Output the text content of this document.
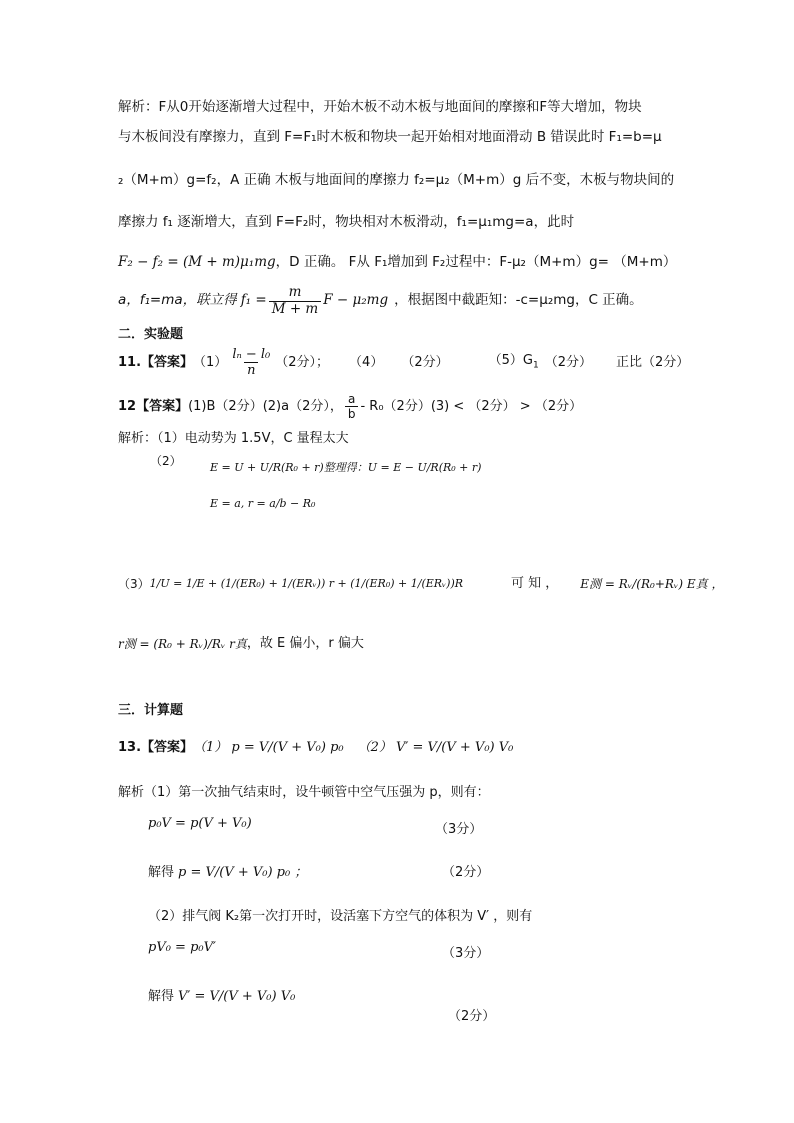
解析：F从0开始逐渐增大过程中，开始木板不动木板与地面间的摩擦和F等大增加，物块
与木板间没有摩擦力，直到 F=F₁时木板和物块一起开始相对地面滑动 B 错误此时 F₁=b=μ
₂（M+m）g=f₂，A 正确 木板与地面间的摩擦力 f₂=μ₂（M+m）g 后不变，木板与物块间的
摩擦力 f₁ 逐渐增大，直到 F=F₂时，物块相对木板滑动，f₁=μ₁mg=a，此时
F₂ − f₂ = (M + m)μ₁mg，D 正确。 F从 F₁增加到 F₂过程中：F-μ₂（M+m）g= （M+m）
a，f₁=ma，联立得 $f_1 = \frac{m}{M + m}$ F − μ₂mg ，根据图中截距知：-c=μ₂mg，C 正确。
二．实验题
11.【答案】 $(1) \frac{\text{lₙ − l₀}}{n} (2$分）； （4） （2分）	$(5)G_1$ （2分） 正比（2分）
12【答案】 (1)B（2分）(2)a（2分）， $\frac{a}{b} - R_0(2$分）(3) < （2分） > （2分）
解析：（1）电动势为 1.5V，C 量程太大
（2）	E = U + U/R(R₀ + r)整理得：U = E − U/R(R₀ + r)
E = a, r = a/b − R₀
（3） 1/U = 1/E + (1/(ER₀) + 1/(ERᵥ)) r + (1/(ER₀) + 1/(ERᵥ))R	可 知 ， E测 = Rᵥ/(R₀+Rᵥ) E真 ，
r测 = (R₀ + Rᵥ)/Rᵥ r真 ，故 E 偏小，r 偏大
三．计算题
13.【答案】 （1） p = V/(V + V₀) p₀ （2） V′ = V/(V + V₀) V₀
解析（1）第一次抽气结束时，设牛顿管中空气压强为 p，则有：
p₀V = p(V + V₀)	（3分）
解得 p = V/(V + V₀) p₀ ；	（2分）
（2）排气阀 K₂第一次打开时，设活塞下方空气的体积为 V′ ，则有
pV₀ = p₀V′	（3分）
解得 V′ = V/(V + V₀) V₀
（2分）
